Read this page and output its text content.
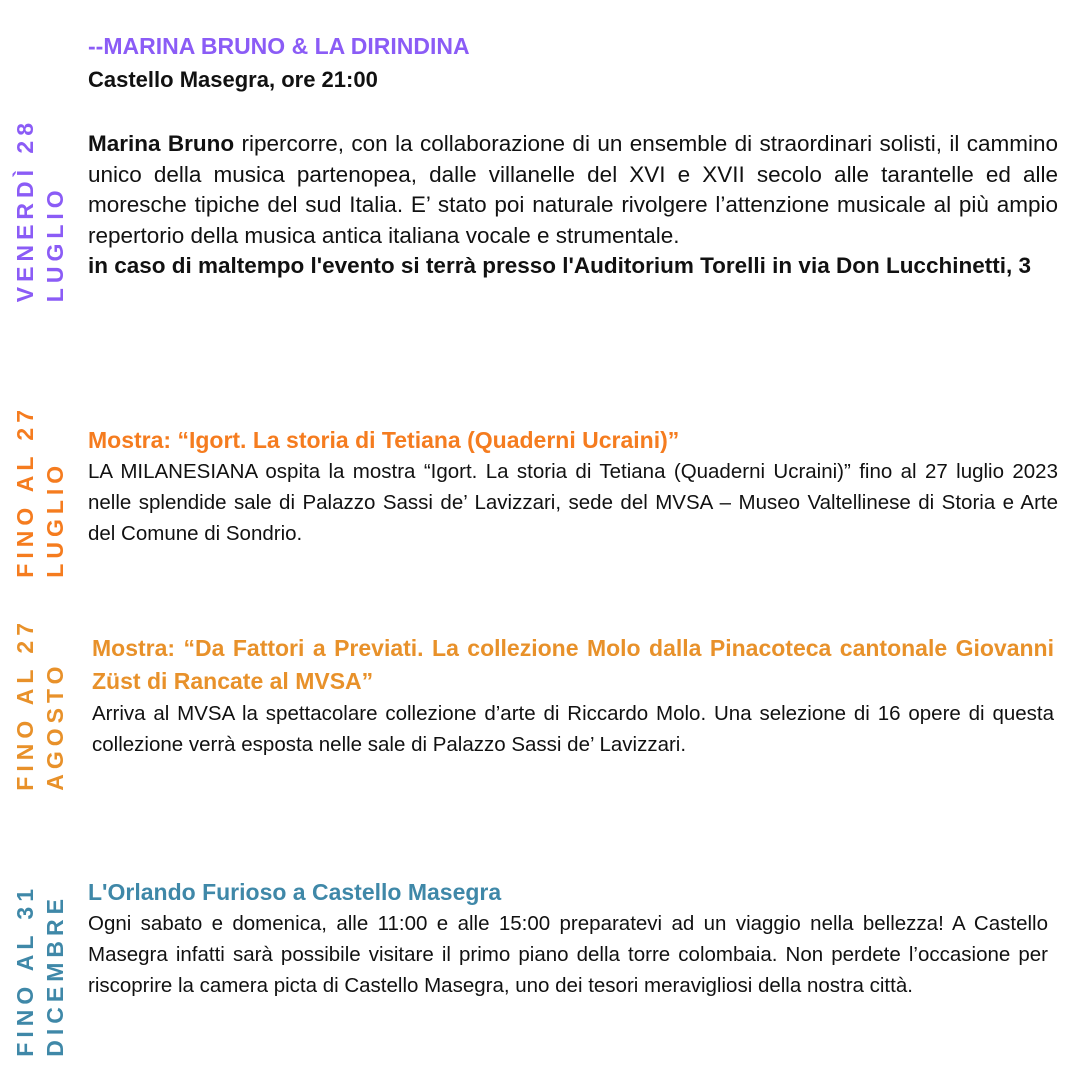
VENERDÌ 28 LUGLIO
--MARINA BRUNO & LA DIRINDINA
Castello Masegra, ore 21:00

Marina Bruno ripercorre, con la collaborazione di un ensemble di straordinari solisti, il cammino unico della musica partenopea, dalle villanelle del XVI e XVII secolo alle tarantelle ed alle moresche tipiche del sud Italia. E’ stato poi naturale rivolgere l’attenzione musicale al più ampio repertorio della musica antica italiana vocale e strumentale.

in caso di maltempo l'evento si terrà presso l'Auditorium Torelli in via Don Lucchinetti, 3

FINO AL 27 LUGLIO
Mostra: “Igort. La storia di Tetiana (Quaderni Ucraini)”

LA MILANESIANA ospita la mostra “Igort. La storia di Tetiana (Quaderni Ucraini)” fino al 27 luglio 2023 nelle splendide sale di Palazzo Sassi de’ Lavizzari, sede del MVSA – Museo Valtellinese di Storia e Arte del Comune di Sondrio.

FINO AL 27 AGOSTO
Mostra: “Da Fattori a Previati. La collezione Molo dalla Pinacoteca cantonale Giovanni Züst di Rancate al MVSA”

Arriva al MVSA la spettacolare collezione d’arte di Riccardo Molo. Una selezione di 16 opere di questa collezione verrà esposta nelle sale di Palazzo Sassi de’ Lavizzari.

FINO AL 31 DICEMBRE
L'Orlando Furioso a Castello Masegra

Ogni sabato e domenica, alle 11:00 e alle 15:00 preparatevi ad un viaggio nella bellezza! A Castello Masegra infatti sarà possibile visitare il primo piano della torre colombaia. Non perdete l’occasione per riscoprire la camera picta di Castello Masegra, uno dei tesori meravigliosi della nostra città.
